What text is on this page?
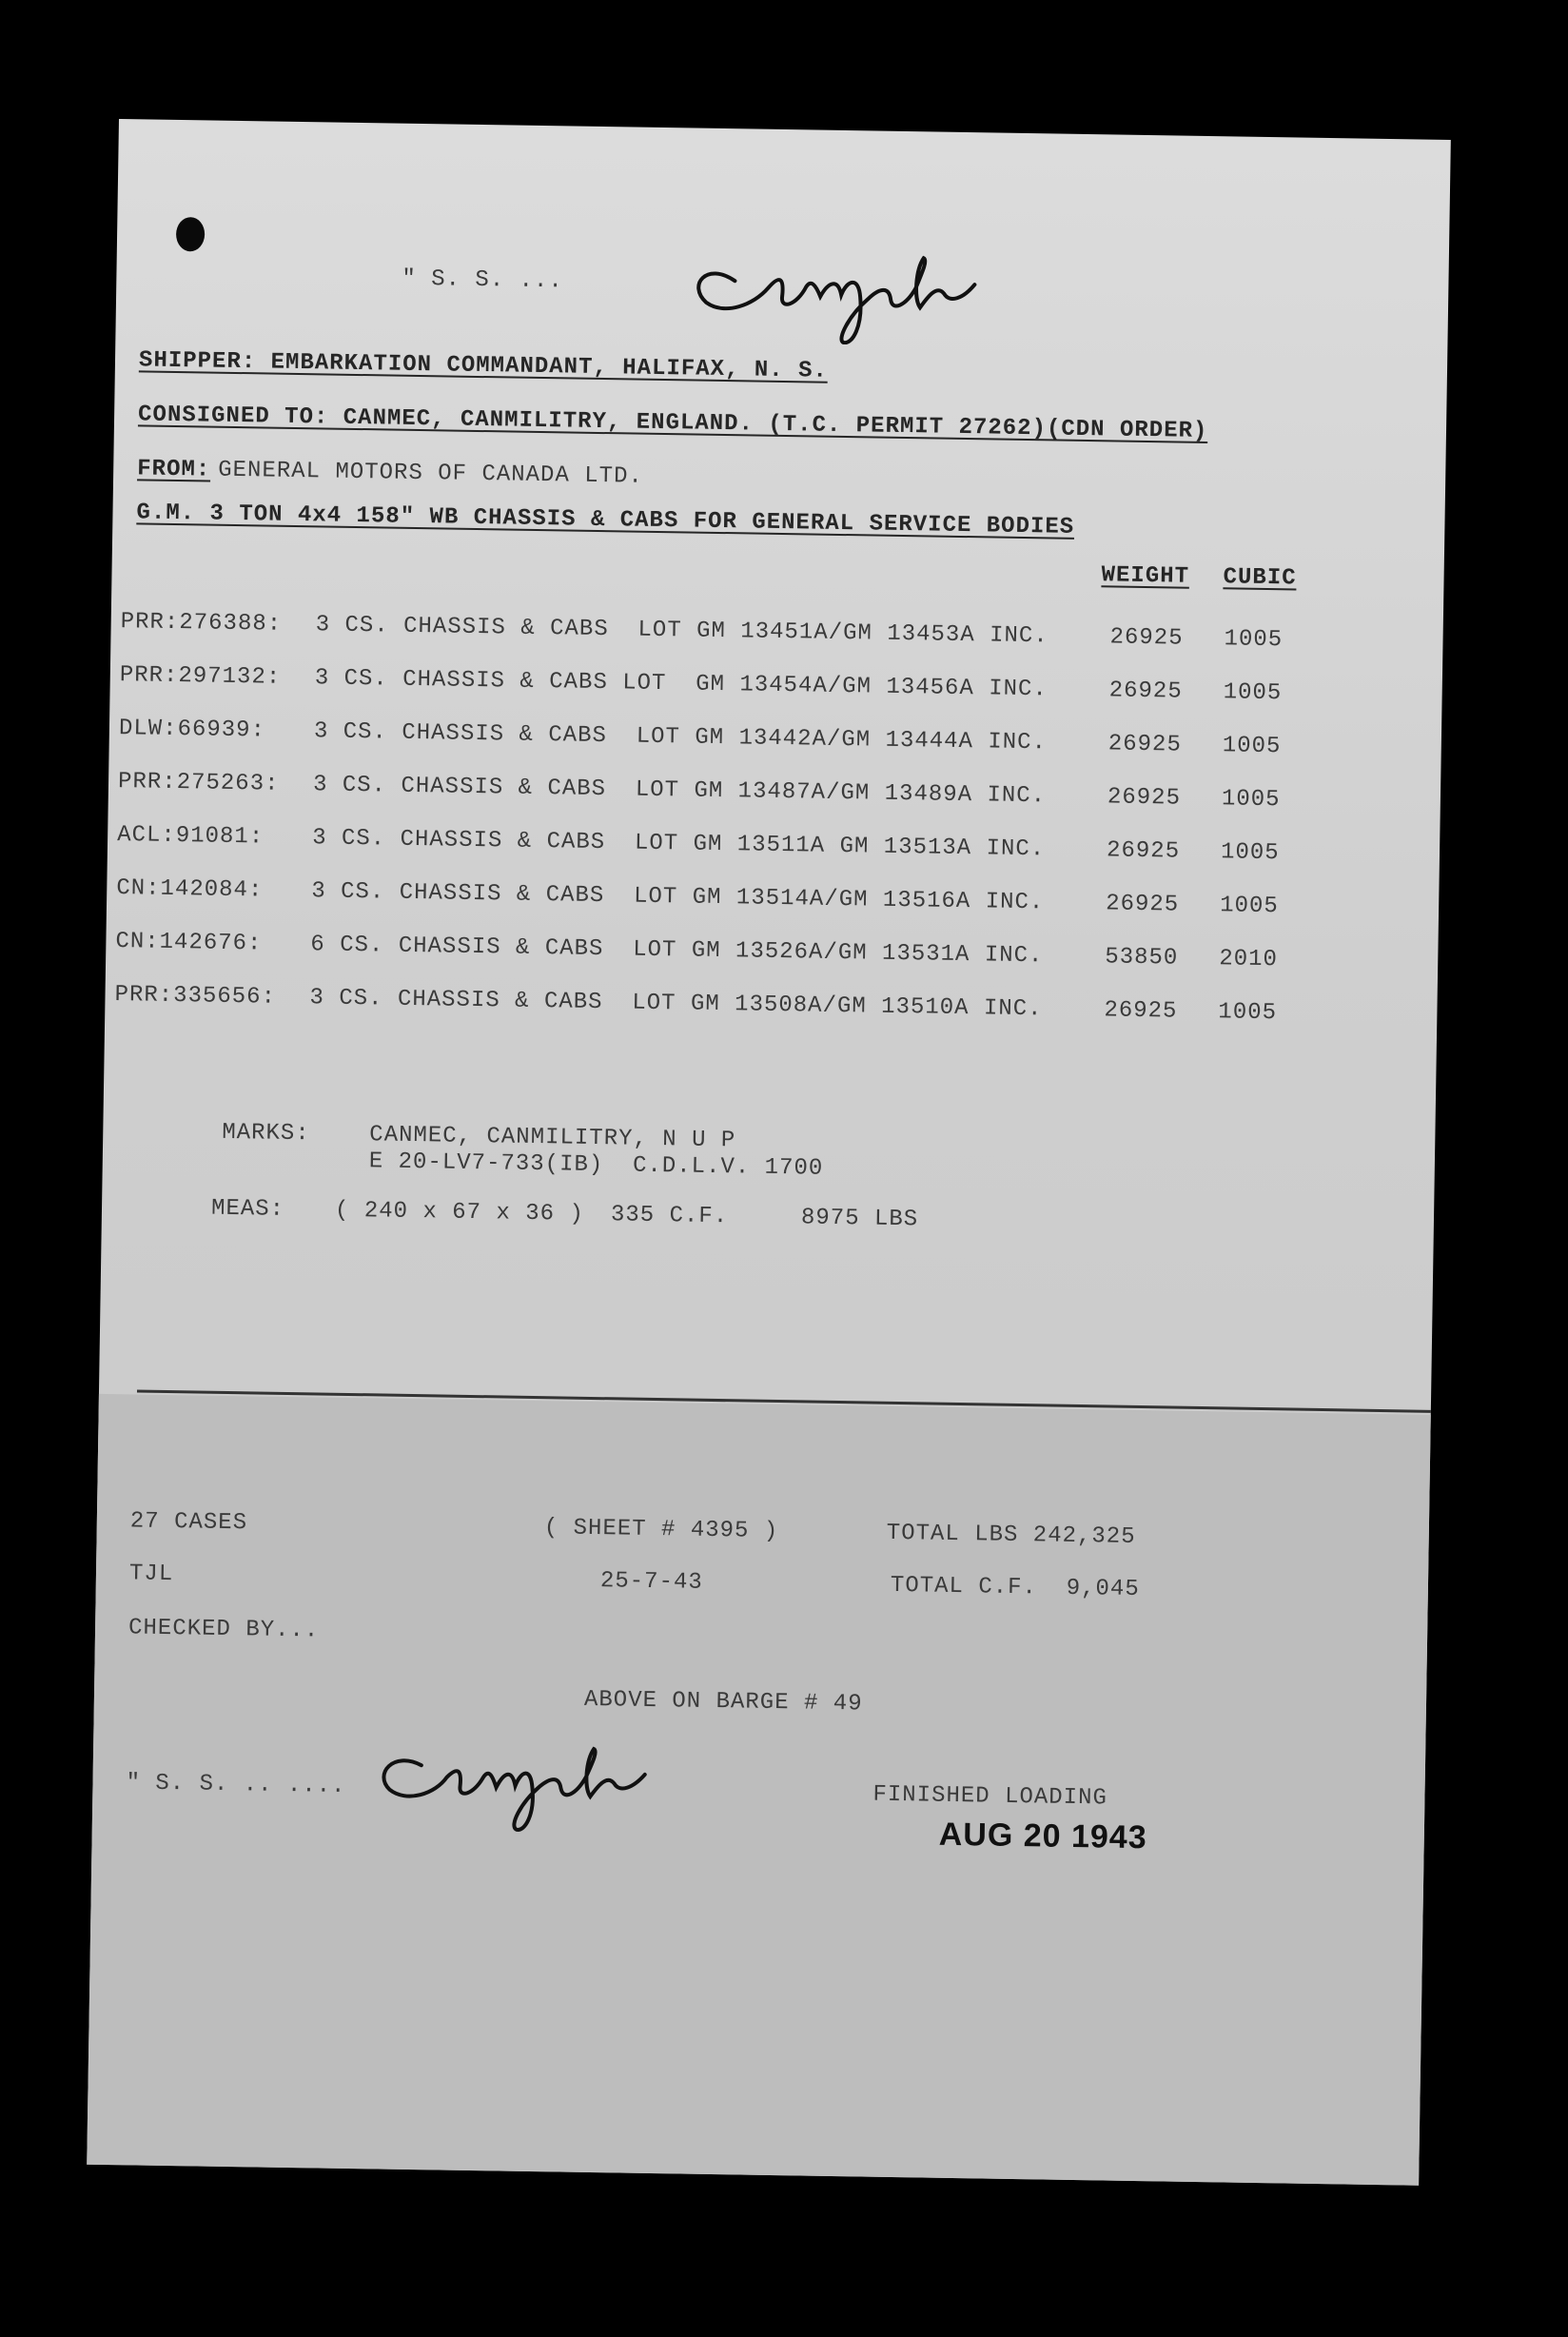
" S. S. ...
SHIPPER: EMBARKATION COMMANDANT, HALIFAX, N. S.
CONSIGNED TO: CANMEC, CANMILITRY, ENGLAND. (T.C. PERMIT 27262)(CDN ORDER)
FROM: GENERAL MOTORS OF CANADA LTD.
G.M. 3 TON 4x4 158" WB CHASSIS & CABS FOR GENERAL SERVICE BODIES
WEIGHT CUBIC
PRR:276388: 3 CS. CHASSIS & CABS  LOT GM 13451A/GM 13453A INC.	26925 1005
PRR:297132: 3 CS. CHASSIS & CABS LOT  GM 13454A/GM 13456A INC.	26925 1005
DLW:66939: 3 CS. CHASSIS & CABS  LOT GM 13442A/GM 13444A INC.	26925 1005
PRR:275263: 3 CS. CHASSIS & CABS  LOT GM 13487A/GM 13489A INC.	26925 1005
ACL:91081: 3 CS. CHASSIS & CABS  LOT GM 13511A GM 13513A INC.	26925 1005
CN:142084: 3 CS. CHASSIS & CABS  LOT GM 13514A/GM 13516A INC.	26925 1005
CN:142676: 6 CS. CHASSIS & CABS  LOT GM 13526A/GM 13531A INC.	53850 2010
PRR:335656: 3 CS. CHASSIS & CABS  LOT GM 13508A/GM 13510A INC.	26925 1005
MARKS:	CANMEC, CANMILITRY, N U P
E 20-LV7-733(IB)  C.D.L.V. 1700
MEAS: ( 240 x 67 x 36 ) 335 C.F.	8975 LBS
27 CASES	( SHEET # 4395 )	TOTAL LBS 242,325
TJL	25-7-43	TOTAL C.F.  9,045
CHECKED BY...
ABOVE ON BARGE # 49
" S. S. .. ....	FINISHED LOADING
AUG 20 1943
